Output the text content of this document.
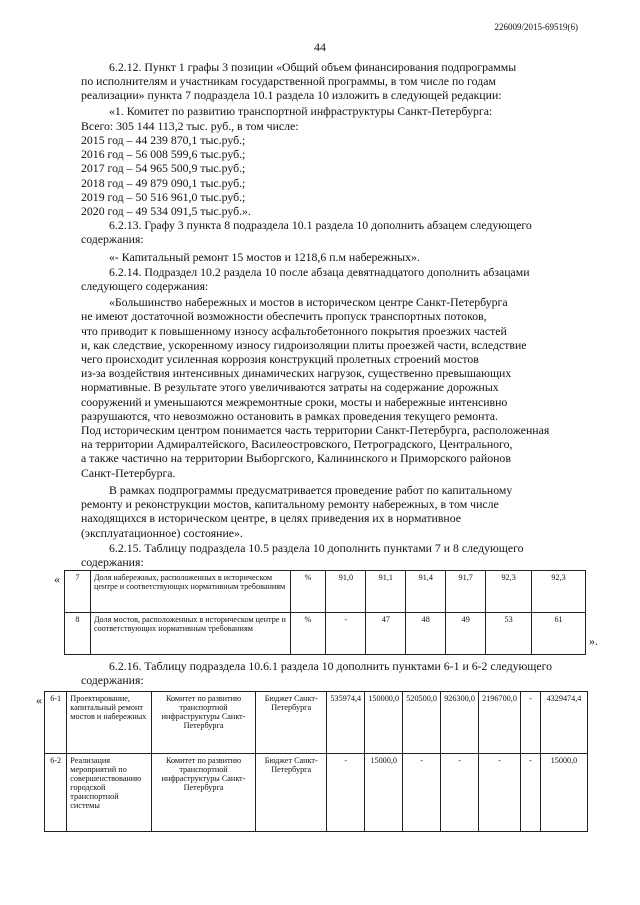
226009/2015-69519(6)
44

6.2.12. Пункт 1 графы 3 позиции «Общий объем финансирования подпрограммы
по исполнителям и участникам государственной программы, в том числе по годам
реализации» пункта 7 подраздела 10.1 раздела 10 изложить в следующей редакции:

«1. Комитет по развитию транспортной инфраструктуры Санкт-Петербурга:

Всего: 305 144 113,2 тыс. руб., в том числе:

2015 год – 44 239 870,1 тыс.руб.;

2016 год – 56 008 599,6 тыс.руб.;

2017 год – 54 965 500,9 тыс.руб.;

2018 год – 49 879 090,1 тыс.руб.;

2019 год – 50 516 961,0 тыс.руб.;

2020 год – 49 534 091,5 тыс.руб.».

6.2.13. Графу 3 пункта 8 подраздела 10.1 раздела 10 дополнить абзацем следующего
содержания:

«- Капитальный ремонт 15 мостов и 1218,6 п.м набережных».

6.2.14. Подраздел 10.2 раздела 10 после абзаца девятнадцатого дополнить абзацами
следующего содержания:

«Большинство набережных и мостов в историческом центре Санкт-Петербурга
не имеют достаточной возможности обеспечить пропуск транспортных потоков,
что приводит к повышенному износу асфальтобетонного покрытия проезжих частей
и, как следствие, ускоренному износу гидроизоляции плиты проезжей части, вследствие
чего происходит усиленная коррозия конструкций пролетных строений мостов
из-за воздействия интенсивных динамических нагрузок, существенно превышающих
нормативные. В результате этого увеличиваются затраты на содержание дорожных
сооружений и уменьшаются межремонтные сроки, мосты и набережные интенсивно
разрушаются, что невозможно остановить в рамках проведения текущего ремонта.
Под историческим центром понимается часть территории Санкт-Петербурга, расположенная
на территории Адмиралтейского, Василеостровского, Петроградского, Центрального,
а также частично на территории Выборгского, Калининского и Приморского районов
Санкт-Петербурга.

В рамках подпрограммы предусматривается проведение работ по капитальному
ремонту и реконструкции мостов, капитальному ремонту набережных, в том числе
находящихся в историческом центре, в целях приведения их в нормативное
(эксплуатационное) состояние».

6.2.15. Таблицу подраздела 10.5 раздела 10 дополнить пунктами 7 и 8 следующего
содержания:

« 7	Доля набережных, расположенных в историческом центре и соответствующих нормативным требованиям	%	91,0	91,1	91,4	91,7	92,3	92,3
8	Доля мостов, расположенных в историческом центре и соответствующих нормативным требованиям	%	-	47	48	49	53	61
».

6.2.16. Таблицу подраздела 10.6.1 раздела 10 дополнить пунктами 6-1 и 6-2 следующего
содержания:

« 6-1	Проектирование, капитальный ремонт мостов и набережных	Комитет по развитию транспортной инфраструктуры Санкт-Петербурга	Бюджет Санкт-Петербурга	535974,4	150000,0	520500,0	926300,0	2196700,0	-	4329474,4
6-2	Реализация мероприятий по совершенствованию городской транспортной системы	Комитет по развитию транспортной инфраструктуры Санкт-Петербурга	Бюджет Санкт-Петербурга	-	15000,0	-	-	-	-	15000,0
